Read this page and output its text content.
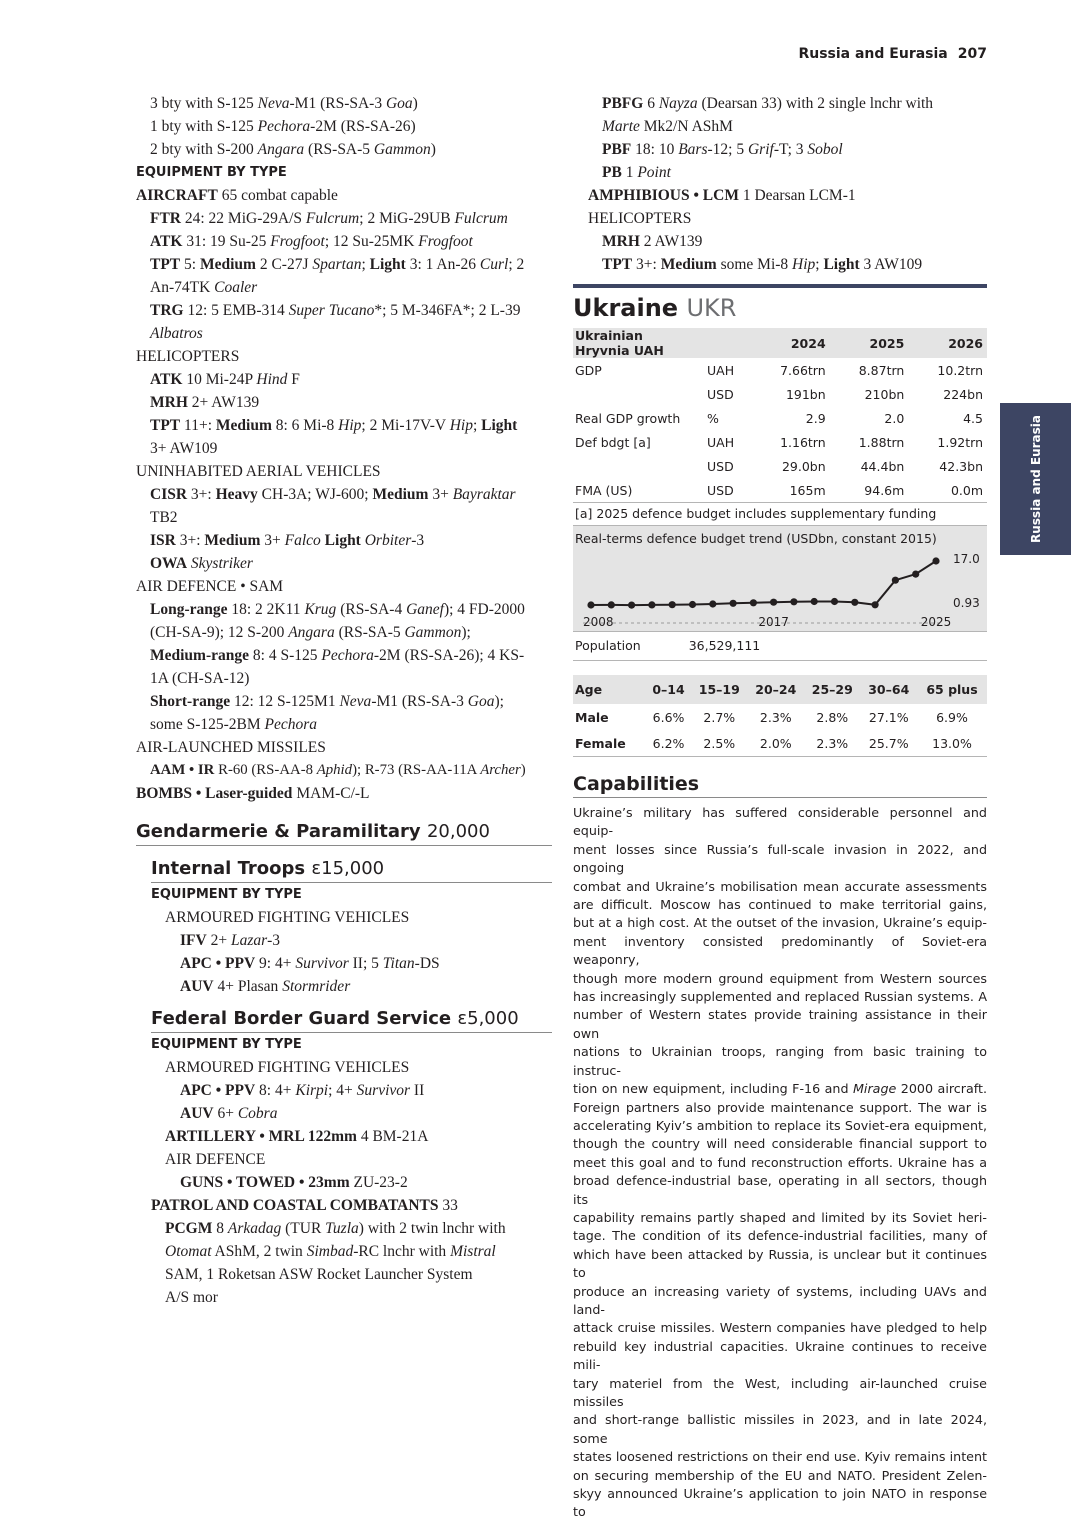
Russia and Eurasia 207
Russia and Eurasia
3 bty with S-125 Neva-M1 (RS-SA-3 Goa)
1 bty with S-125 Pechora-2M (RS-SA-26)
2 bty with S-200 Angara (RS-SA-5 Gammon)
EQUIPMENT BY TYPE
AIRCRAFT 65 combat capable
FTR 24: 22 MiG-29A/S Fulcrum; 2 MiG-29UB Fulcrum
ATK 31: 19 Su-25 Frogfoot; 12 Su-25MK Frogfoot
TPT 5: Medium 2 C-27J Spartan; Light 3: 1 An-26 Curl; 2
An-74TK Coaler
TRG 12: 5 EMB-314 Super Tucano*; 5 M-346FA*; 2 L-39
Albatros
HELICOPTERS
ATK 10 Mi-24P Hind F
MRH 2+ AW139
TPT 11+: Medium 8: 6 Mi-8 Hip; 2 Mi-17V-V Hip; Light
3+ AW109
UNINHABITED AERIAL VEHICLES
CISR 3+: Heavy CH-3A; WJ-600; Medium 3+ Bayraktar
TB2
ISR 3+: Medium 3+ Falco Light Orbiter-3
OWA Skystriker
AIR DEFENCE • SAM
Long-range 18: 2 2K11 Krug (RS-SA-4 Ganef); 4 FD-2000
(CH-SA-9); 12 S-200 Angara (RS-SA-5 Gammon);
Medium-range 8: 4 S-125 Pechora-2M (RS-SA-26); 4 KS-
1A (CH-SA-12)
Short-range 12: 12 S-125M1 Neva-M1 (RS-SA-3 Goa);
some S-125-2BM Pechora
AIR-LAUNCHED MISSILES
AAM • IR R-60 (RS-AA-8 Aphid); R-73 (RS-AA-11A Archer)
BOMBS • Laser-guided MAM-C/-L
Gendarmerie & Paramilitary 20,000
Internal Troops ε15,000
EQUIPMENT BY TYPE
ARMOURED FIGHTING VEHICLES
IFV 2+ Lazar-3
APC • PPV 9: 4+ Survivor II; 5 Titan-DS
AUV 4+ Plasan Stormrider
Federal Border Guard Service ε5,000
EQUIPMENT BY TYPE
ARMOURED FIGHTING VEHICLES
APC • PPV 8: 4+ Kirpi; 4+ Survivor II
AUV 6+ Cobra
ARTILLERY • MRL 122mm 4 BM-21A
AIR DEFENCE
GUNS • TOWED • 23mm ZU-23-2
PATROL AND COASTAL COMBATANTS 33
PCGM 8 Arkadag (TUR Tuzla) with 2 twin lnchr with
Otomat AShM, 2 twin Simbad-RC lnchr with Mistral
SAM, 1 Roketsan ASW Rocket Launcher System
A/S mor
PBFG 6 Nayza (Dearsan 33) with 2 single lnchr with
Marte Mk2/N AShM
PBF 18: 10 Bars-12; 5 Grif-T; 3 Sobol
PB 1 Point
AMPHIBIOUS • LCM 1 Dearsan LCM-1
HELICOPTERS
MRH 2 AW139
TPT 3+: Medium some Mi-8 Hip; Light 3 AW109
Ukraine UKR
Ukrainian Hryvnia UAH		2024	2025	2026
GDP	UAH	7.66trn	8.87trn	10.2trn
	USD	191bn	210bn	224bn
Real GDP growth	%	2.9	2.0	4.5
Def bdgt [a]	UAH	1.16trn	1.88trn	1.92trn
	USD	29.0bn	44.4bn	42.3bn
FMA (US)	USD	165m	94.6m	0.0m
[a] 2025 defence budget includes supplementary funding
Real-terms defence budget trend (USDbn, constant 2015)
2008	2017	2025
17.0
0.93
Population	36,529,111
Age	0–14	15–19	20–24	25–29	30–64	65 plus
Male	6.6%	2.7%	2.3%	2.8%	27.1%	6.9%
Female	6.2%	2.5%	2.0%	2.3%	25.7%	13.0%
Capabilities
Ukraine’s military has suffered considerable personnel and equip-
ment losses since Russia’s full-scale invasion in 2022, and ongoing
combat and Ukraine’s mobilisation mean accurate assessments
are difficult. Moscow has continued to make territorial gains,
but at a high cost. At the outset of the invasion, Ukraine’s equip-
ment inventory consisted predominantly of Soviet-era weaponry,
though more modern ground equipment from Western sources
has increasingly supplemented and replaced Russian systems. A
number of Western states provide training assistance in their own
nations to Ukrainian troops, ranging from basic training to instruc-
tion on new equipment, including F-16 and Mirage 2000 aircraft.
Foreign partners also provide maintenance support. The war is
accelerating Kyiv’s ambition to replace its Soviet-era equipment,
though the country will need considerable financial support to
meet this goal and to fund reconstruction efforts. Ukraine has a
broad defence-industrial base, operating in all sectors, though its
capability remains partly shaped and limited by its Soviet heri-
tage. The condition of its defence-industrial facilities, many of
which have been attacked by Russia, is unclear but it continues to
produce an increasing variety of systems, including UAVs and land-
attack cruise missiles. Western companies have pledged to help
rebuild key industrial capacities. Ukraine continues to receive mili-
tary materiel from the West, including air-launched cruise missiles
and short-range ballistic missiles in 2023, and in late 2024, some
states loosened restrictions on their end use. Kyiv remains intent
on securing membership of the EU and NATO. President Zelen-
skyy announced Ukraine’s application to join NATO in response to
